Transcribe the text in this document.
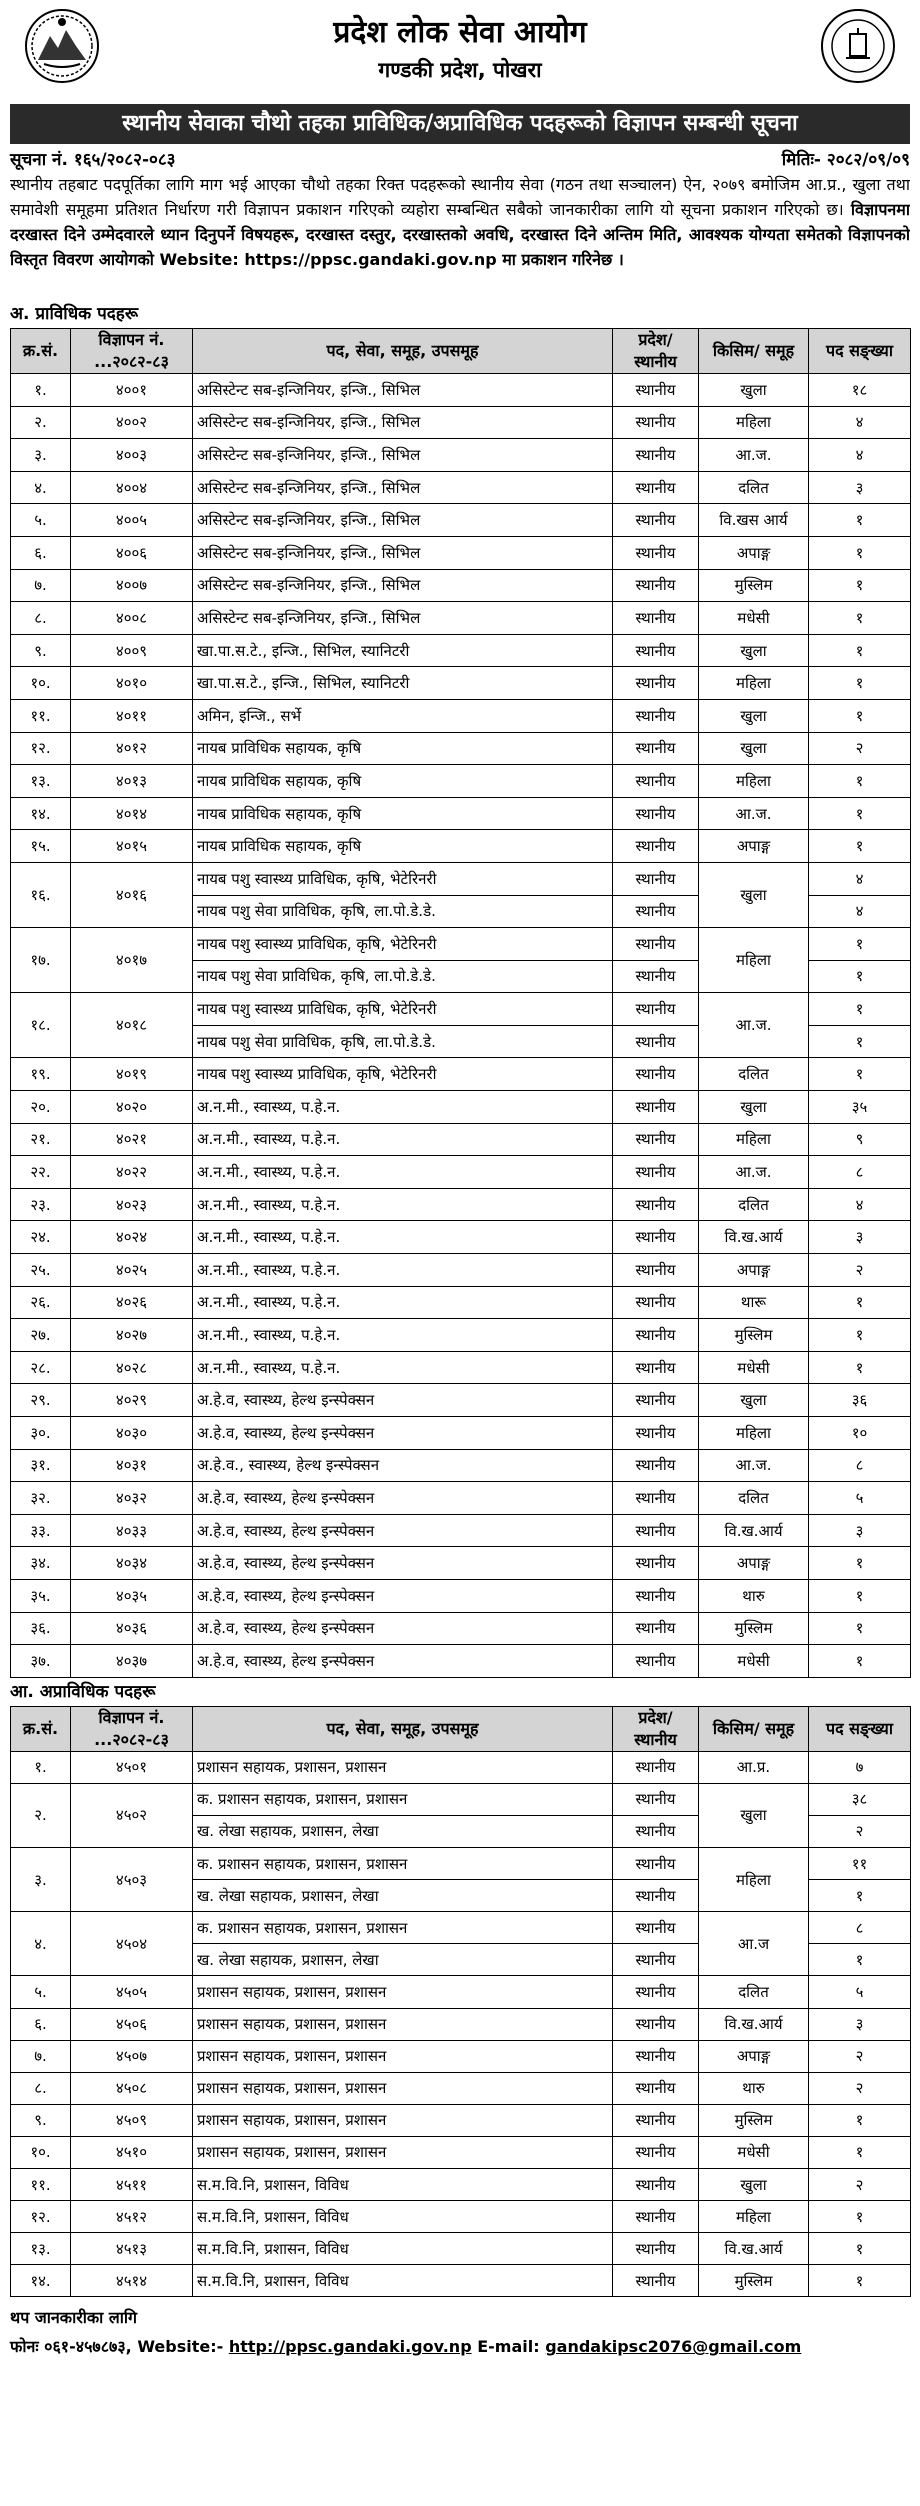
प्रदेश लोक सेवा आयोग
गण्डकी प्रदेश, पोखरा
स्थानीय सेवाका चौथो तहका प्राविधिक/अप्राविधिक पदहरूको विज्ञापन सम्बन्धी सूचना
सूचना नं. १६५/२०८२-०८३	मितिः- २०८२/०९/०९
स्थानीय तहबाट पदपूर्तिका लागि माग भई आएका चौथो तहका रिक्त पदहरूको स्थानीय सेवा (गठन तथा सञ्चालन) ऐन, २०७९ बमोजिम आ.प्र., खुला तथा समावेशी समूहमा प्रतिशत निर्धारण गरी विज्ञापन प्रकाशन गरिएको व्यहोरा सम्बन्धित सबैको जानकारीका लागि यो सूचना प्रकाशन गरिएको छ। विज्ञापनमा दरखास्त दिने उम्मेदवारले ध्यान दिनुपर्ने विषयहरू, दरखास्त दस्तुर, दरखास्तको अवधि, दरखास्त दिने अन्तिम मिति, आवश्यक योग्यता समेतको विज्ञापनको विस्तृत विवरण आयोगको Website: https://ppsc.gandaki.gov.np मा प्रकाशन गरिनेछ ।
अ. प्राविधिक पदहरू
क्र.सं.	विज्ञापन नं. ...२०८२-८३	पद, सेवा, समूह, उपसमूह	प्रदेश/ स्थानीय	किसिम/ समूह	पद सङ्ख्या
१.	४००१	असिस्टेन्ट सब-इन्जिनियर, इन्जि., सिभिल	स्थानीय	खुला	१८
२.	४००२	असिस्टेन्ट सब-इन्जिनियर, इन्जि., सिभिल	स्थानीय	महिला	४
३.	४००३	असिस्टेन्ट सब-इन्जिनियर, इन्जि., सिभिल	स्थानीय	आ.ज.	४
४.	४००४	असिस्टेन्ट सब-इन्जिनियर, इन्जि., सिभिल	स्थानीय	दलित	३
५.	४००५	असिस्टेन्ट सब-इन्जिनियर, इन्जि., सिभिल	स्थानीय	वि.खस आर्य	१
६.	४००६	असिस्टेन्ट सब-इन्जिनियर, इन्जि., सिभिल	स्थानीय	अपाङ्ग	१
७.	४००७	असिस्टेन्ट सब-इन्जिनियर, इन्जि., सिभिल	स्थानीय	मुस्लिम	१
८.	४००८	असिस्टेन्ट सब-इन्जिनियर, इन्जि., सिभिल	स्थानीय	मधेसी	१
९.	४००९	खा.पा.स.टे., इन्जि., सिभिल, स्यानिटरी	स्थानीय	खुला	१
१०.	४०१०	खा.पा.स.टे., इन्जि., सिभिल, स्यानिटरी	स्थानीय	महिला	१
११.	४०११	अमिन, इन्जि., सर्भे	स्थानीय	खुला	१
१२.	४०१२	नायब प्राविधिक सहायक, कृषि	स्थानीय	खुला	२
१३.	४०१३	नायब प्राविधिक सहायक, कृषि	स्थानीय	महिला	१
१४.	४०१४	नायब प्राविधिक सहायक, कृषि	स्थानीय	आ.ज.	१
१५.	४०१५	नायब प्राविधिक सहायक, कृषि	स्थानीय	अपाङ्ग	१
१६.	४०१६	नायब पशु स्वास्थ्य प्राविधिक, कृषि, भेटेरिनरी	स्थानीय	खुला	४
		नायब पशु सेवा प्राविधिक, कृषि, ला.पो.डे.डे.	स्थानीय		४
१७.	४०१७	नायब पशु स्वास्थ्य प्राविधिक, कृषि, भेटेरिनरी	स्थानीय	महिला	१
		नायब पशु सेवा प्राविधिक, कृषि, ला.पो.डे.डे.	स्थानीय		१
१८.	४०१८	नायब पशु स्वास्थ्य प्राविधिक, कृषि, भेटेरिनरी	स्थानीय	आ.ज.	१
		नायब पशु सेवा प्राविधिक, कृषि, ला.पो.डे.डे.	स्थानीय		१
१९.	४०१९	नायब पशु स्वास्थ्य प्राविधिक, कृषि, भेटेरिनरी	स्थानीय	दलित	१
२०.	४०२०	अ.न.मी., स्वास्थ्य, प.हे.न.	स्थानीय	खुला	३५
२१.	४०२१	अ.न.मी., स्वास्थ्य, प.हे.न.	स्थानीय	महिला	९
२२.	४०२२	अ.न.मी., स्वास्थ्य, प.हे.न.	स्थानीय	आ.ज.	८
२३.	४०२३	अ.न.मी., स्वास्थ्य, प.हे.न.	स्थानीय	दलित	४
२४.	४०२४	अ.न.मी., स्वास्थ्य, प.हे.न.	स्थानीय	वि.ख.आर्य	३
२५.	४०२५	अ.न.मी., स्वास्थ्य, प.हे.न.	स्थानीय	अपाङ्ग	२
२६.	४०२६	अ.न.मी., स्वास्थ्य, प.हे.न.	स्थानीय	थारू	१
२७.	४०२७	अ.न.मी., स्वास्थ्य, प.हे.न.	स्थानीय	मुस्लिम	१
२८.	४०२८	अ.न.मी., स्वास्थ्य, प.हे.न.	स्थानीय	मधेसी	१
२९.	४०२९	अ.हे.व, स्वास्थ्य, हेल्थ इन्स्पेक्सन	स्थानीय	खुला	३६
३०.	४०३०	अ.हे.व, स्वास्थ्य, हेल्थ इन्स्पेक्सन	स्थानीय	महिला	१०
३१.	४०३१	अ.हे.व., स्वास्थ्य, हेल्थ इन्स्पेक्सन	स्थानीय	आ.ज.	८
३२.	४०३२	अ.हे.व, स्वास्थ्य, हेल्थ इन्स्पेक्सन	स्थानीय	दलित	५
३३.	४०३३	अ.हे.व, स्वास्थ्य, हेल्थ इन्स्पेक्सन	स्थानीय	वि.ख.आर्य	३
३४.	४०३४	अ.हे.व, स्वास्थ्य, हेल्थ इन्स्पेक्सन	स्थानीय	अपाङ्ग	१
३५.	४०३५	अ.हे.व, स्वास्थ्य, हेल्थ इन्स्पेक्सन	स्थानीय	थारु	१
३६.	४०३६	अ.हे.व, स्वास्थ्य, हेल्थ इन्स्पेक्सन	स्थानीय	मुस्लिम	१
३७.	४०३७	अ.हे.व, स्वास्थ्य, हेल्थ इन्स्पेक्सन	स्थानीय	मधेसी	१
आ. अप्राविधिक पदहरू
क्र.सं.	विज्ञापन नं. ...२०८२-८३	पद, सेवा, समूह, उपसमूह	प्रदेश/ स्थानीय	किसिम/ समूह	पद सङ्ख्या
१.	४५०१	प्रशासन सहायक, प्रशासन, प्रशासन	स्थानीय	आ.प्र.	७
२.	४५०२	क. प्रशासन सहायक, प्रशासन, प्रशासन	स्थानीय	खुला	३८
		ख. लेखा सहायक, प्रशासन, लेखा	स्थानीय		२
३.	४५०३	क. प्रशासन सहायक, प्रशासन, प्रशासन	स्थानीय	महिला	११
		ख. लेखा सहायक, प्रशासन, लेखा	स्थानीय		१
४.	४५०४	क. प्रशासन सहायक, प्रशासन, प्रशासन	स्थानीय	आ.ज	८
		ख. लेखा सहायक, प्रशासन, लेखा	स्थानीय		१
५.	४५०५	प्रशासन सहायक, प्रशासन, प्रशासन	स्थानीय	दलित	५
६.	४५०६	प्रशासन सहायक, प्रशासन, प्रशासन	स्थानीय	वि.ख.आर्य	३
७.	४५०७	प्रशासन सहायक, प्रशासन, प्रशासन	स्थानीय	अपाङ्ग	२
८.	४५०८	प्रशासन सहायक, प्रशासन, प्रशासन	स्थानीय	थारु	२
९.	४५०९	प्रशासन सहायक, प्रशासन, प्रशासन	स्थानीय	मुस्लिम	१
१०.	४५१०	प्रशासन सहायक, प्रशासन, प्रशासन	स्थानीय	मधेसी	१
११.	४५११	स.म.वि.नि, प्रशासन, विविध	स्थानीय	खुला	२
१२.	४५१२	स.म.वि.नि, प्रशासन, विविध	स्थानीय	महिला	१
१३.	४५१३	स.म.वि.नि, प्रशासन, विविध	स्थानीय	वि.ख.आर्य	१
१४.	४५१४	स.म.वि.नि, प्रशासन, विविध	स्थानीय	मुस्लिम	१
थप जानकारीका लागि
फोनः ०६१-४५७८७३, Website:- http://ppsc.gandaki.gov.np E-mail: gandakipsc2076@gmail.com
